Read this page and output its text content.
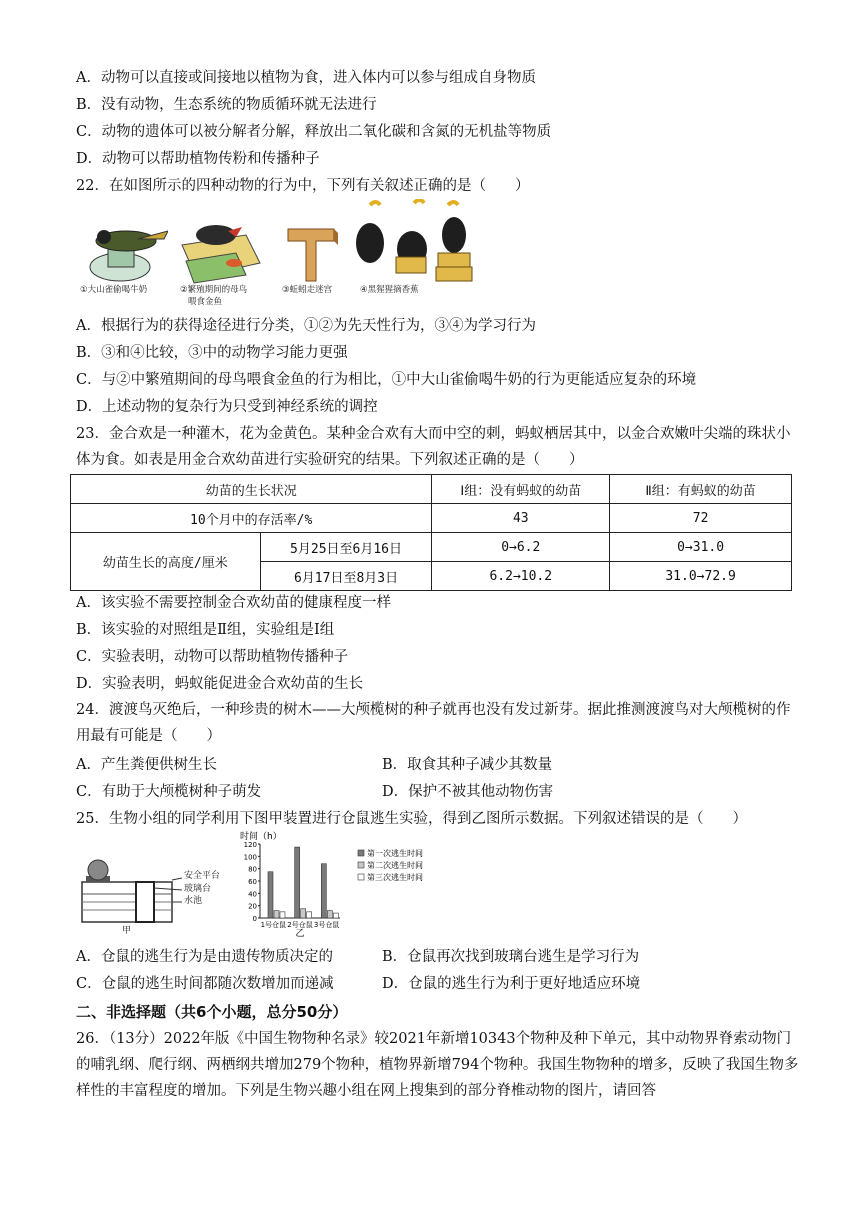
A．动物可以直接或间接地以植物为食，进入体内可以参与组成自身物质
B．没有动物，生态系统的物质循环就无法进行
C．动物的遗体可以被分解者分解，释放出二氧化碳和含氮的无机盐等物质
D．动物可以帮助植物传粉和传播种子
22．在如图所示的四种动物的行为中，下列有关叙述正确的是（　　）
①大山雀偷喝牛奶	②繁殖期间的母鸟
喂食金鱼
③蚯蚓走迷宫	④黑猩猩摘香蕉
A．根据行为的获得途径进行分类，①②为先天性行为，③④为学习行为
B．③和④比较，③中的动物学习能力更强
C．与②中繁殖期间的母鸟喂食金鱼的行为相比，①中大山雀偷喝牛奶的行为更能适应复杂的环境
D．上述动物的复杂行为只受到神经系统的调控
23．金合欢是一种灌木，花为金黄色。某种金合欢有大而中空的刺，蚂蚁栖居其中，以金合欢嫩叶尖端的珠状小体为食。如表是用金合欢幼苗进行实验研究的结果。下列叙述正确的是（　　）
幼苗的生长状况		Ⅰ组：没有蚂蚁的幼苗	Ⅱ组：有蚂蚁的幼苗
10个月中的存活率/%		43	72
幼苗生长的高度/厘米	5月25日至6月16日	0→6.2	0→31.0
	6月17日至8月3日	6.2→10.2	31.0→72.9
A．该实验不需要控制金合欢幼苗的健康程度一样
B．该实验的对照组是Ⅱ组，实验组是Ⅰ组
C．实验表明，动物可以帮助植物传播种子
D．实验表明，蚂蚁能促进金合欢幼苗的生长
24．渡渡鸟灭绝后，一种珍贵的树木——大颅榄树的种子就再也没有发过新芽。据此推测渡渡鸟对大颅榄树的作用最有可能是（　　）
A．产生粪便供树生长	B．取食其种子减少其数量
C．有助于大颅榄树种子萌发	D．保护不被其他动物伤害
25．生物小组的同学利用下图甲装置进行仓鼠逃生实验，得到乙图所示数据。下列叙述错误的是（　　）
安全平台
玻璃台
水池
甲
时间（h）
0
20
40
60
80
100
120
1号仓鼠 2号仓鼠 3号仓鼠
第一次逃生时间
第二次逃生时间
第三次逃生时间
乙
A．仓鼠的逃生行为是由遗传物质决定的	B．仓鼠再次找到玻璃台逃生是学习行为
C．仓鼠的逃生时间都随次数增加而递减	D．仓鼠的逃生行为利于更好地适应环境
二、非选择题（共6个小题，总分50分）
26．（13分）2022年版《中国生物物种名录》较2021年新增10343个物种及种下单元，其中动物界脊索动物门的哺乳纲、爬行纲、两栖纲共增加279个物种，植物界新增794个物种。我国生物物种的增多，反映了我国生物多样性的丰富程度的增加。下列是生物兴趣小组在网上搜集到的部分脊椎动物的图片，请回答
